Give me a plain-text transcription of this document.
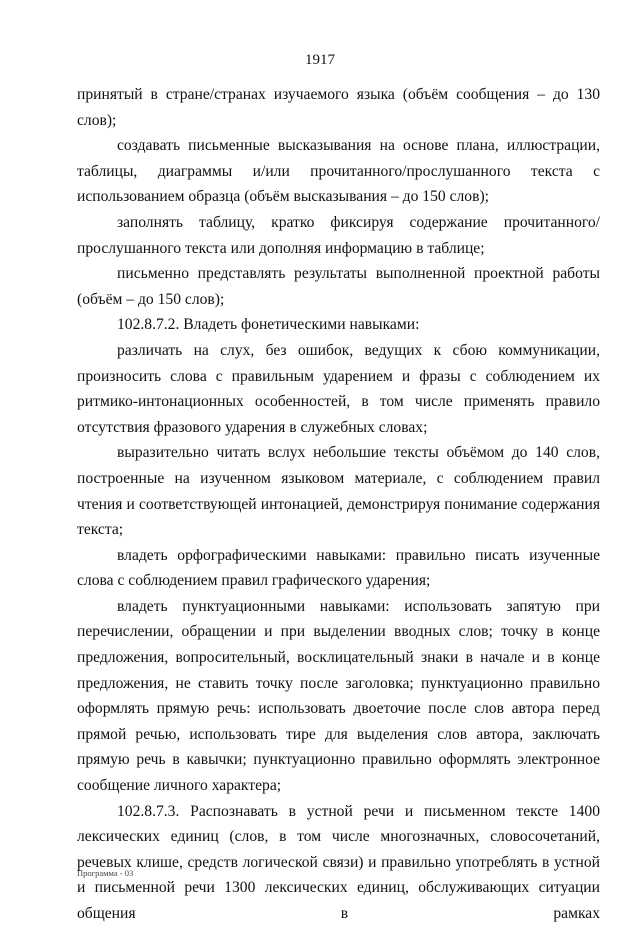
1917

принятый в стране/странах изучаемого языка (объём сообщения – до 130 слов);

создавать письменные высказывания на основе плана, иллюстрации, таблицы, диаграммы и/или прочитанного/прослушанного текста с использованием образца (объём высказывания – до 150 слов);

заполнять таблицу, кратко фиксируя содержание прочитанного/прослушанного текста или дополняя информацию в таблице;

письменно представлять результаты выполненной проектной работы (объём – до 150 слов);

102.8.7.2. Владеть фонетическими навыками:

различать на слух, без ошибок, ведущих к сбою коммуникации, произносить слова с правильным ударением и фразы с соблюдением их ритмико-интонационных особенностей, в том числе применять правило отсутствия фразового ударения в служебных словах;

выразительно читать вслух небольшие тексты объёмом до 140 слов, построенные на изученном языковом материале, с соблюдением правил чтения и соответствующей интонацией, демонстрируя понимание содержания текста;

владеть орфографическими навыками: правильно писать изученные слова с соблюдением правил графического ударения;

владеть пунктуационными навыками: использовать запятую при перечислении, обращении и при выделении вводных слов; точку в конце предложения, вопросительный, восклицательный знаки в начале и в конце предложения, не ставить точку после заголовка; пунктуационно правильно оформлять прямую речь: использовать двоеточие после слов автора перед прямой речью, использовать тире для выделения слов автора, заключать прямую речь в кавычки; пунктуационно правильно оформлять электронное сообщение личного характера;

102.8.7.3. Распознавать в устной речи и письменном тексте 1400 лексических единиц (слов, в том числе многозначных, словосочетаний, речевых клише, средств логической связи) и правильно употреблять в устной и письменной речи 1300 лексических единиц, обслуживающих ситуации общения в рамках

Программа - 03
